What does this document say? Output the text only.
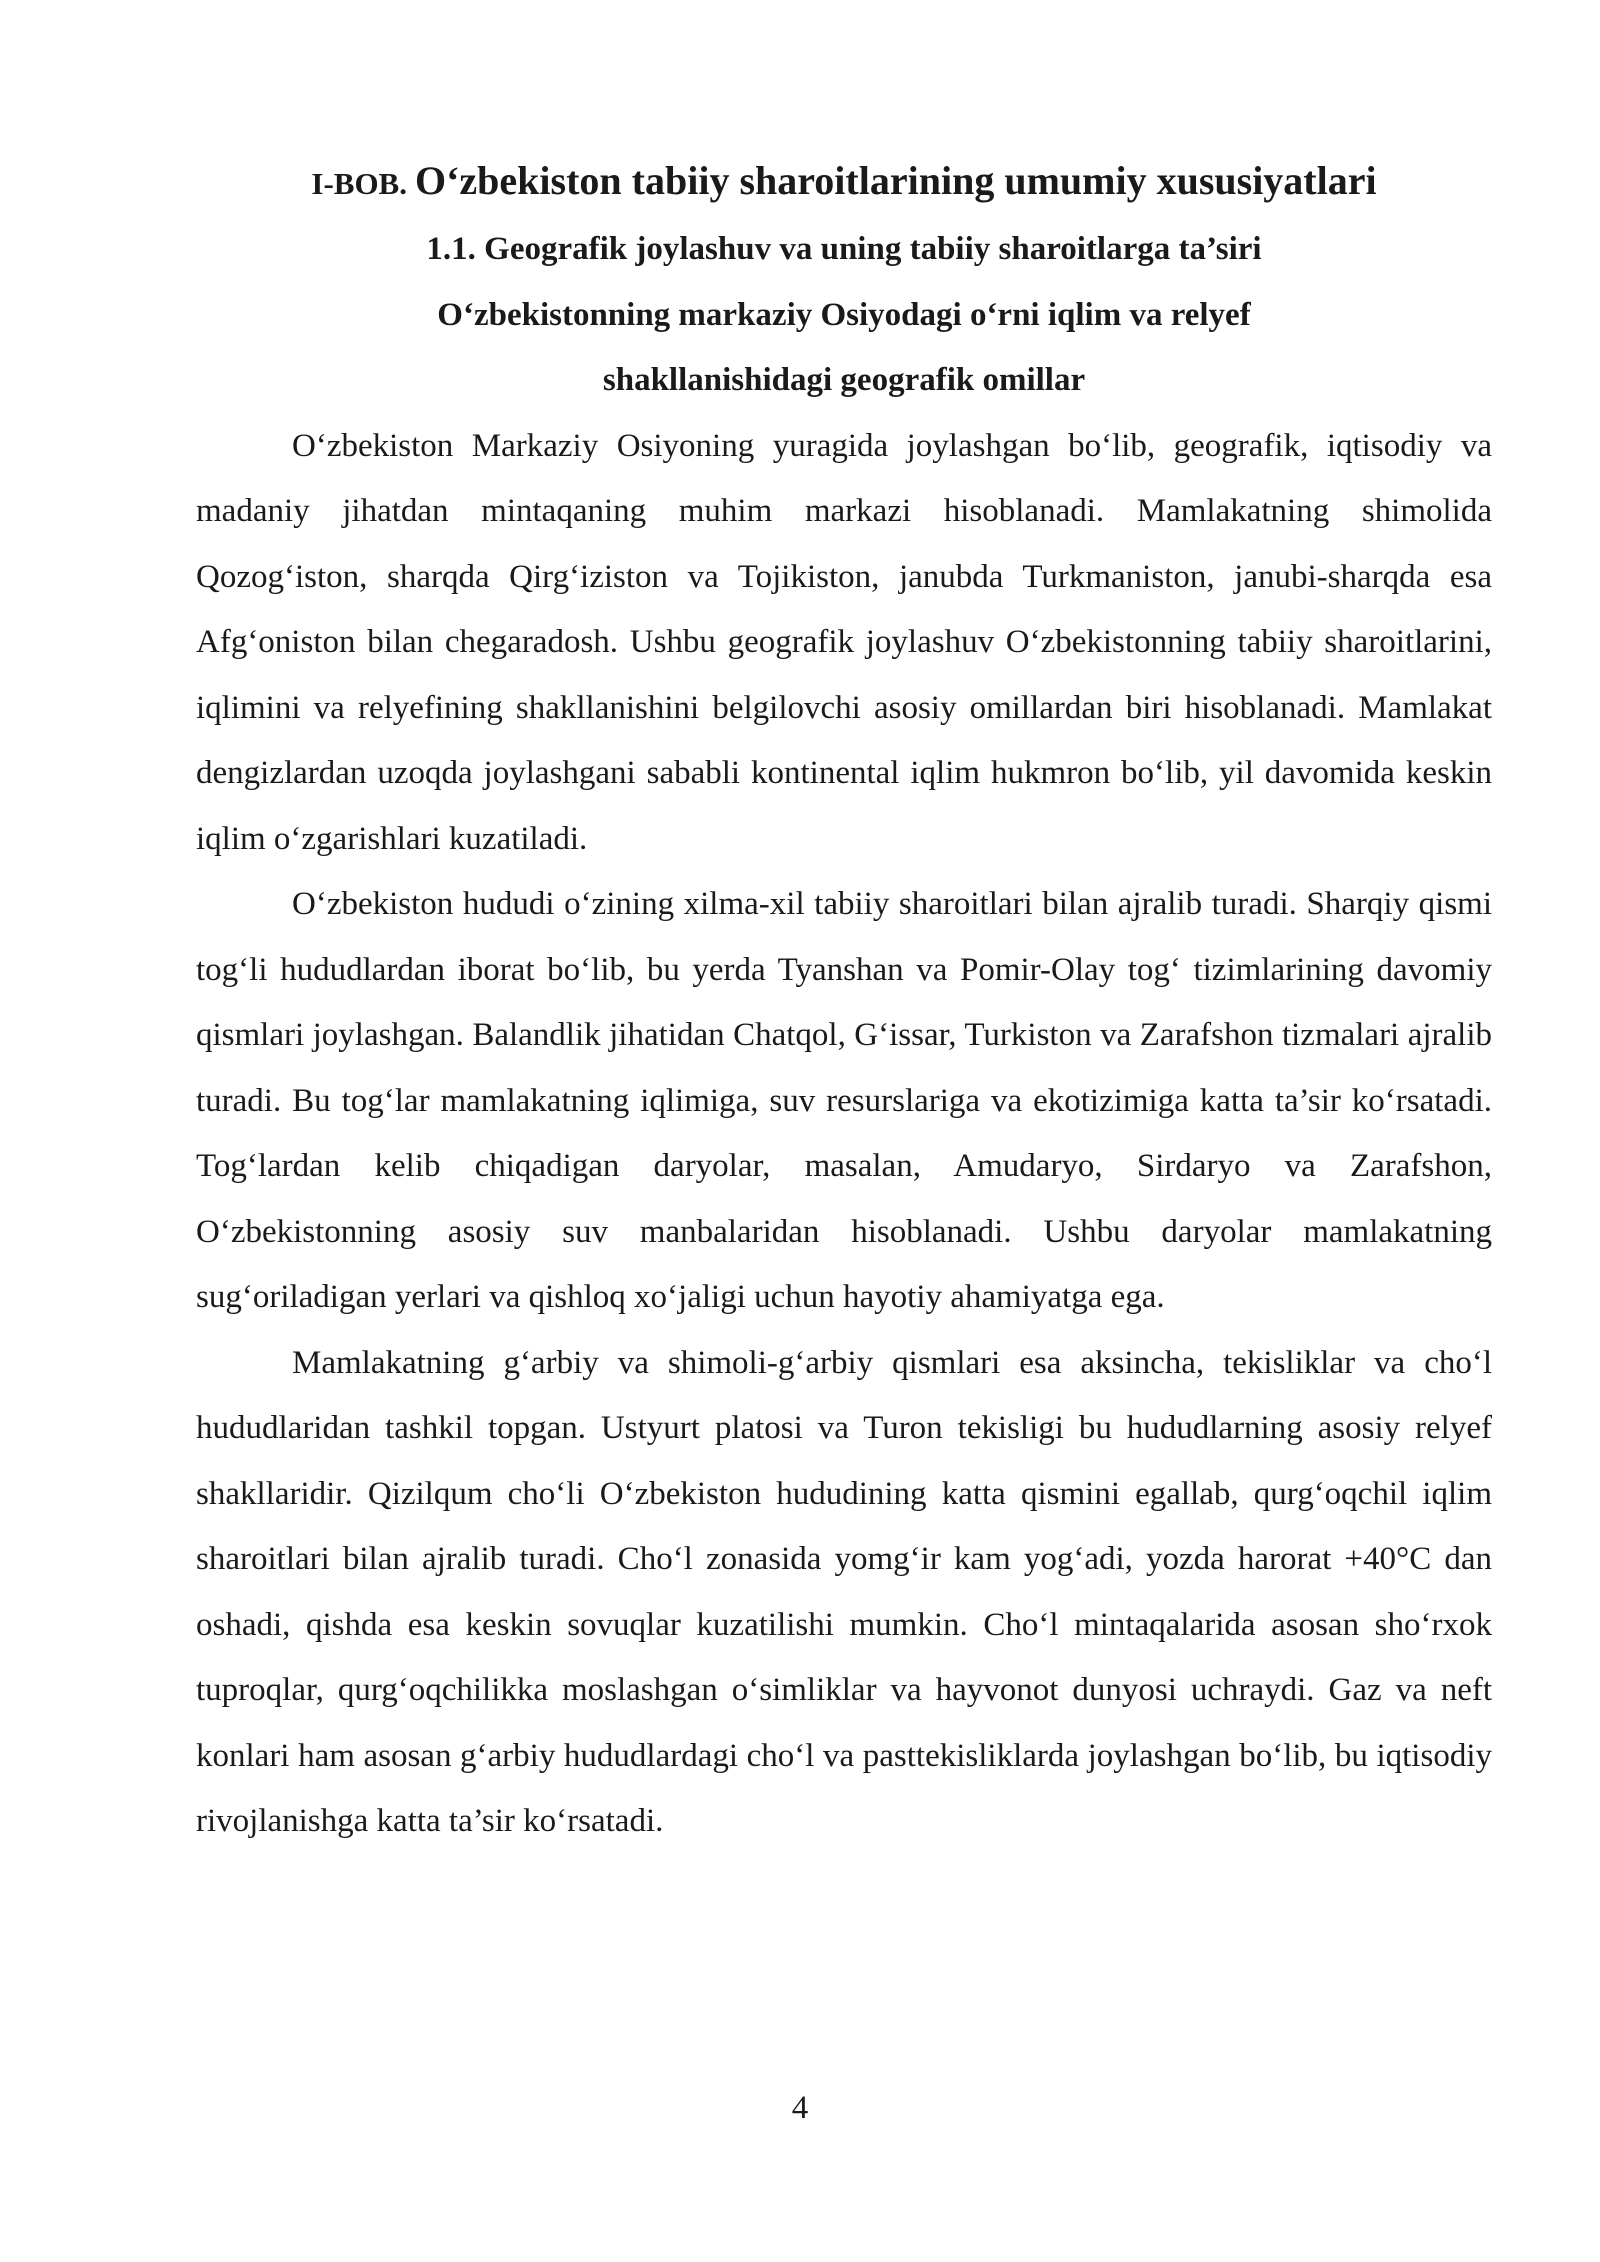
I-BOB. O‘zbekiston tabiiy sharoitlarining umumiy xususiyatlari
1.1. Geografik joylashuv va uning tabiiy sharoitlarga ta’siri
O‘zbekistonning markaziy Osiyodagi o‘rni iqlim va relyef
shakllanishidagi geografik omillar

O‘zbekiston Markaziy Osiyoning yuragida joylashgan bo‘lib, geografik, iqtisodiy va madaniy jihatdan mintaqaning muhim markazi hisoblanadi. Mamlakatning shimolida Qozog‘iston, sharqda Qirg‘iziston va Tojikiston, janubda Turkmaniston, janubi-sharqda esa Afg‘oniston bilan chegaradosh. Ushbu geografik joylashuv O‘zbekistonning tabiiy sharoitlarini, iqlimini va relyefining shakllanishini belgilovchi asosiy omillardan biri hisoblanadi. Mamlakat dengizlardan uzoqda joylashgani sababli kontinental iqlim hukmron bo‘lib, yil davomida keskin iqlim o‘zgarishlari kuzatiladi.

O‘zbekiston hududi o‘zining xilma-xil tabiiy sharoitlari bilan ajralib turadi. Sharqiy qismi tog‘li hududlardan iborat bo‘lib, bu yerda Tyanshan va Pomir-Olay tog‘ tizimlarining davomiy qismlari joylashgan. Balandlik jihatidan Chatqol, G‘issar, Turkiston va Zarafshon tizmalari ajralib turadi. Bu tog‘lar mamlakatning iqlimiga, suv resurslariga va ekotizimiga katta ta’sir ko‘rsatadi. Tog‘lardan kelib chiqadigan daryolar, masalan, Amudaryo, Sirdaryo va Zarafshon, O‘zbekistonning asosiy suv manbalaridan hisoblanadi. Ushbu daryolar mamlakatning sug‘oriladigan yerlari va qishloq xo‘jaligi uchun hayotiy ahamiyatga ega.

Mamlakatning g‘arbiy va shimoli-g‘arbiy qismlari esa aksincha, tekisliklar va cho‘l hududlaridan tashkil topgan. Ustyurt platosi va Turon tekisligi bu hududlarning asosiy relyef shakllaridir. Qizilqum cho‘li O‘zbekiston hududining katta qismini egallab, qurg‘oqchil iqlim sharoitlari bilan ajralib turadi. Cho‘l zonasida yomg‘ir kam yog‘adi, yozda harorat +40°C dan oshadi, qishda esa keskin sovuqlar kuzatilishi mumkin. Cho‘l mintaqalarida asosan sho‘rxok tuproqlar, qurg‘oqchilikka moslashgan o‘simliklar va hayvonot dunyosi uchraydi. Gaz va neft konlari ham asosan g‘arbiy hududlardagi cho‘l va pasttekisliklarda joylashgan bo‘lib, bu iqtisodiy rivojlanishga katta ta’sir ko‘rsatadi.

4
